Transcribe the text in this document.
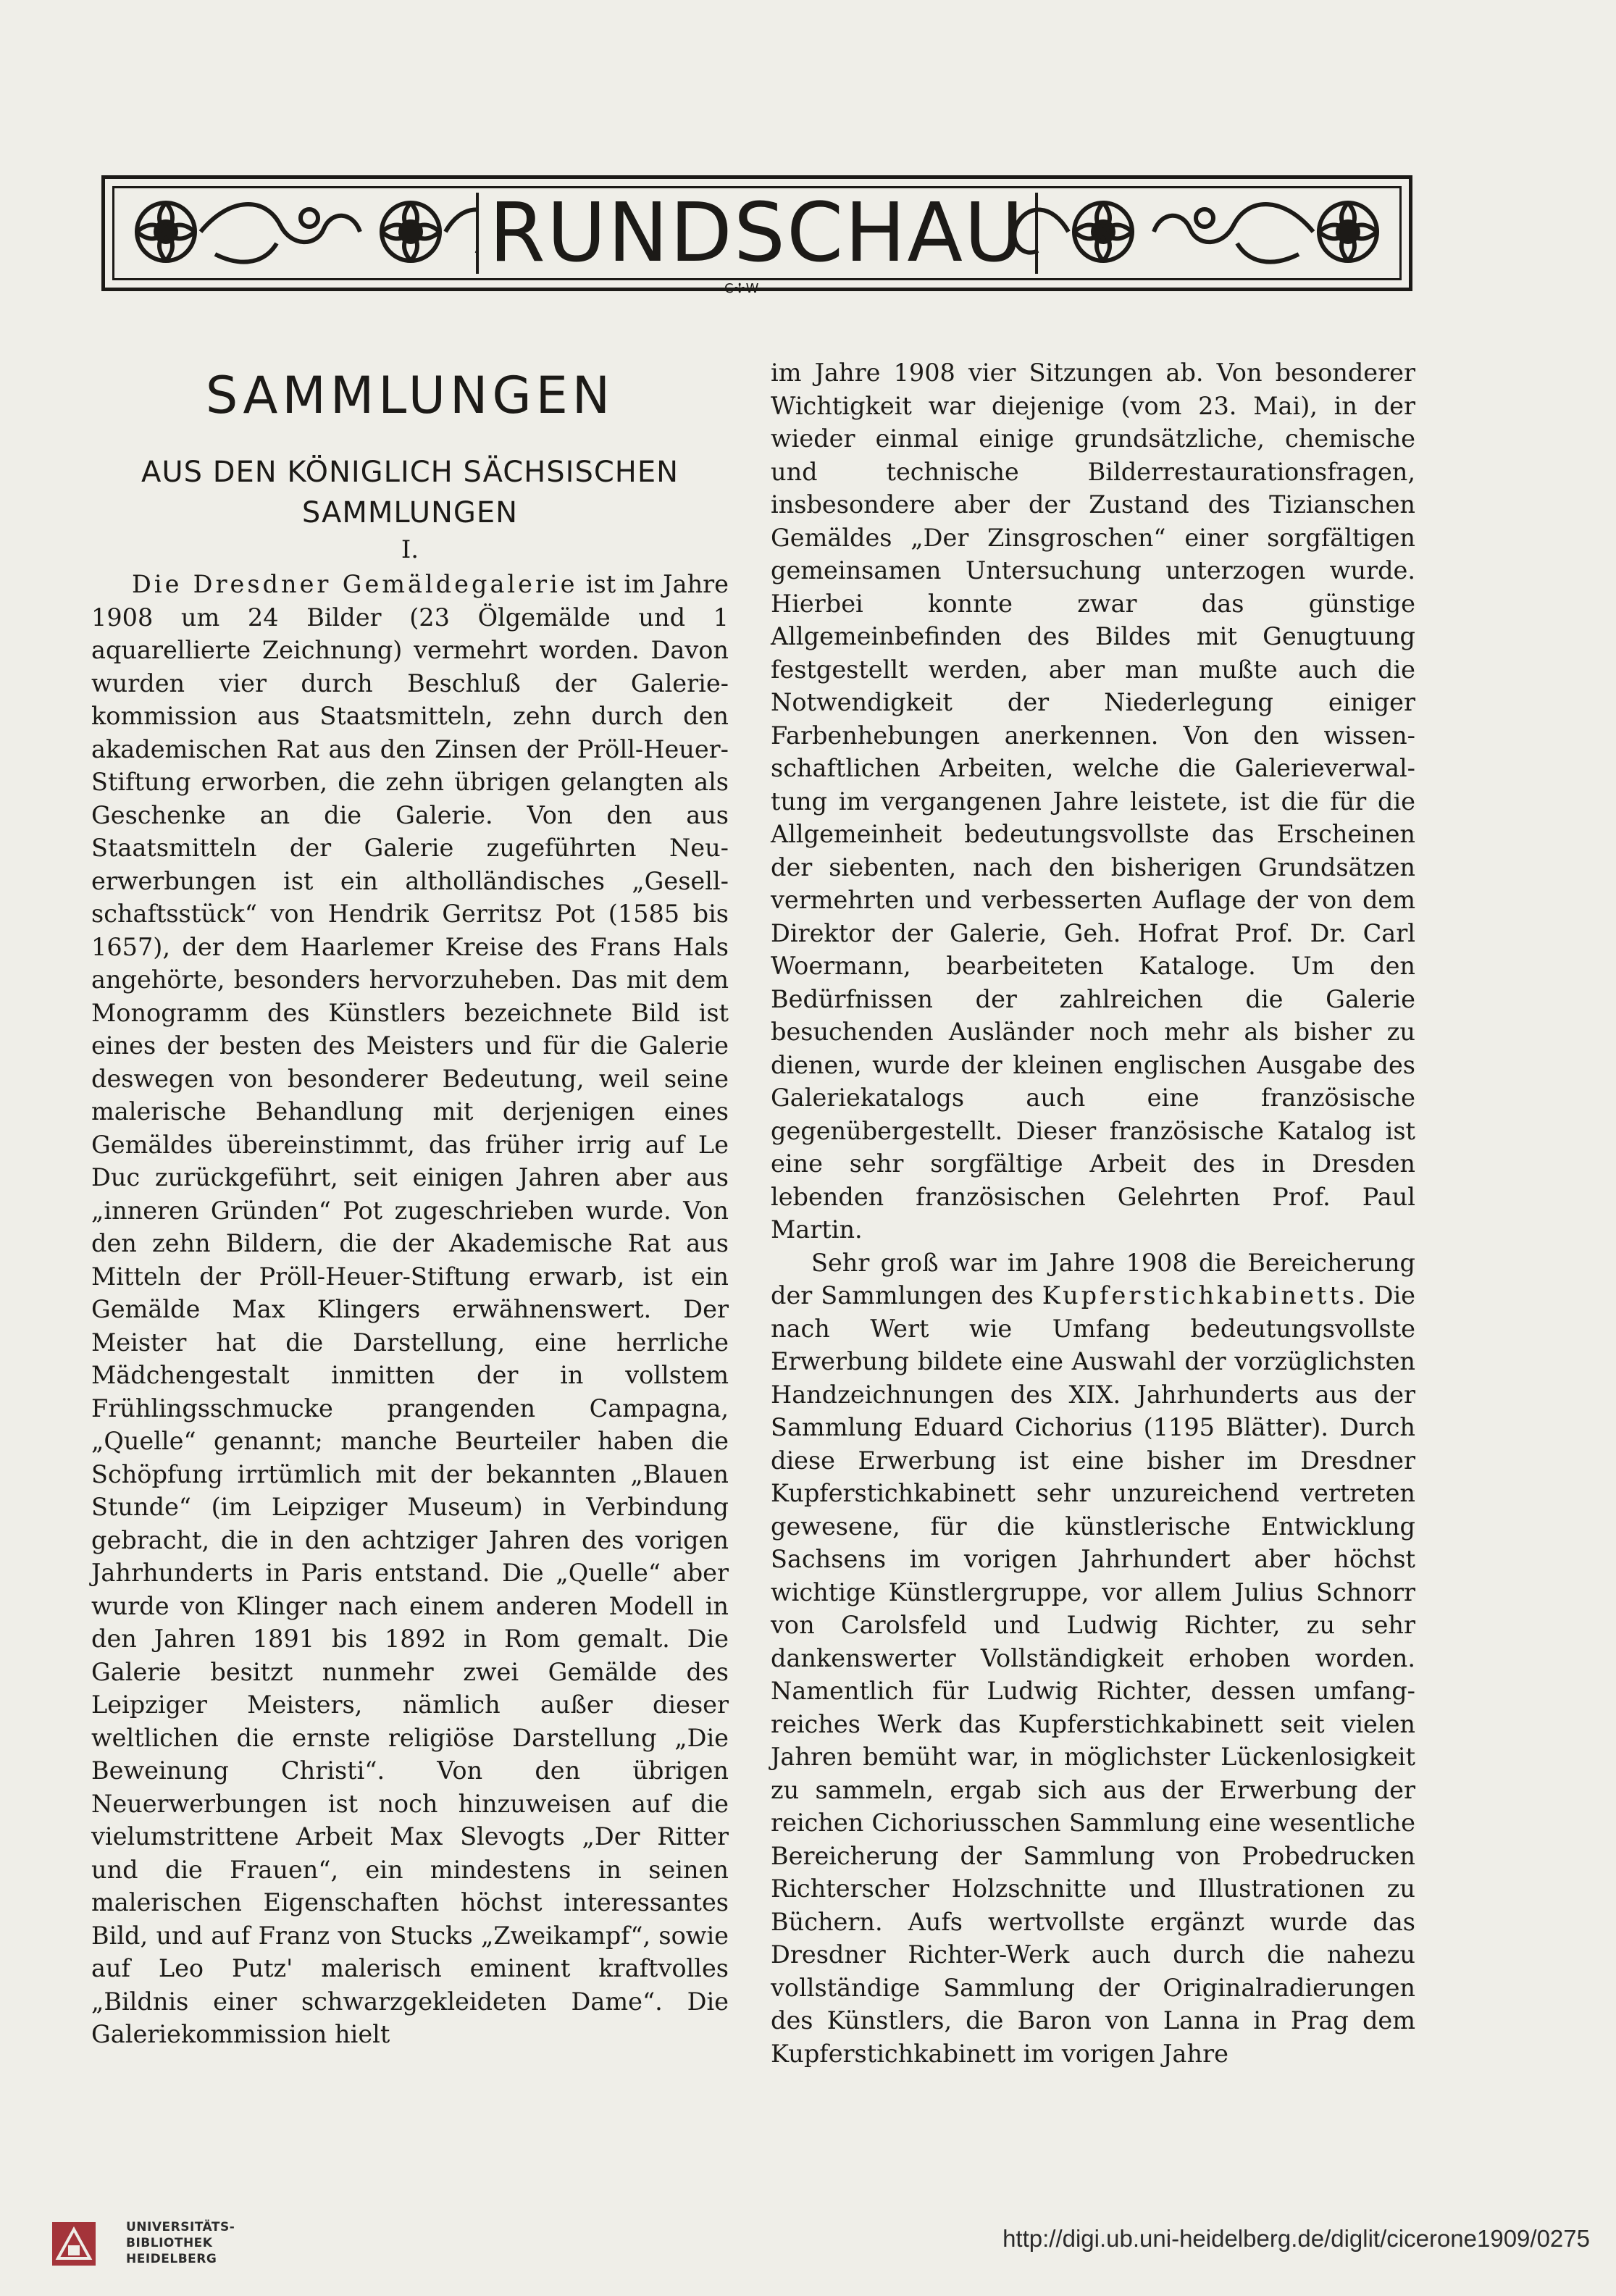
RUNDSCHAU
C✢W
SAMMLUNGEN
AUS DEN KÖNIGLICH SÄCHSISCHEN
SAMMLUNGEN
I.

Die Dresdner Gemäldegalerie ist im Jahre 1908 um 24 Bilder (23 Ölgemälde und 1 aquarellierte Zeichnung) vermehrt worden. Davon wurden vier durch Beschluß der Galeriekommission aus Staatsmitteln, zehn durch den akademischen Rat aus den Zinsen der Pröll-Heuer-Stiftung erworben, die zehn übrigen gelangten als Geschenke an die Galerie. Von den aus Staatsmitteln der Galerie zugeführten Neuerwerbungen ist ein altholländisches „Gesellschaftsstück“ von Hendrik Gerritsz Pot (1585 bis 1657), der dem Haarlemer Kreise des Frans Hals angehörte, besonders hervorzuheben. Das mit dem Monogramm des Künstlers bezeichnete Bild ist eines der besten des Meisters und für die Galerie deswegen von besonderer Bedeutung, weil seine malerische Behandlung mit derjenigen eines Gemäldes übereinstimmt, das früher irrig auf Le Duc zurückgeführt, seit einigen Jahren aber aus „inneren Gründen“ Pot zugeschrieben wurde. Von den zehn Bildern, die der Akademische Rat aus Mitteln der Pröll-Heuer-Stiftung erwarb, ist ein Gemälde Max Klingers erwähnenswert. Der Meister hat die Darstellung, eine herrliche Mädchengestalt inmitten der in vollstem Frühlingsschmucke prangenden Campagna, „Quelle“ genannt; manche Beurteiler haben die Schöpfung irrtümlich mit der bekannten „Blauen Stunde“ (im Leipziger Museum) in Verbindung gebracht, die in den achtziger Jahren des vorigen Jahrhunderts in Paris entstand. Die „Quelle“ aber wurde von Klinger nach einem anderen Modell in den Jahren 1891 bis 1892 in Rom gemalt. Die Galerie besitzt nunmehr zwei Gemälde des Leipziger Meisters, nämlich außer dieser weltlichen die ernste religiöse Darstellung „Die Beweinung Christi“. Von den übrigen Neuerwerbungen ist noch hinzuweisen auf die vielumstrittene Arbeit Max Slevogts „Der Ritter und die Frauen“, ein mindestens in seinen malerischen Eigenschaften höchst interessantes Bild, und auf Franz von Stucks „Zweikampf“, sowie auf Leo Putz' malerisch eminent kraftvolles „Bildnis einer schwarzgekleideten Dame“. Die Galeriekommission hielt

im Jahre 1908 vier Sitzungen ab. Von besonderer Wichtigkeit war diejenige (vom 23. Mai), in der wieder einmal einige grundsätzliche, chemische und technische Bilderrestaurationsfragen, insbesondere aber der Zustand des Tizianschen Gemäldes „Der Zinsgroschen“ einer sorgfältigen gemeinsamen Untersuchung unterzogen wurde. Hierbei konnte zwar das günstige Allgemeinbefinden des Bildes mit Genugtuung festgestellt werden, aber man mußte auch die Notwendigkeit der Niederlegung einiger Farbenhebungen anerkennen. Von den wissenschaftlichen Arbeiten, welche die Galerieverwaltung im vergangenen Jahre leistete, ist die für die Allgemeinheit bedeutungsvollste das Erscheinen der siebenten, nach den bisherigen Grundsätzen vermehrten und verbesserten Auflage der von dem Direktor der Galerie, Geh. Hofrat Prof. Dr. Carl Woermann, bearbeiteten Kataloge. Um den Bedürfnissen der zahlreichen die Galerie besuchenden Ausländer noch mehr als bisher zu dienen, wurde der kleinen englischen Ausgabe des Galeriekatalogs auch eine französische gegenübergestellt. Dieser französische Katalog ist eine sehr sorgfältige Arbeit des in Dresden lebenden französischen Gelehrten Prof. Paul Martin.

Sehr groß war im Jahre 1908 die Bereicherung der Sammlungen des Kupferstichkabinetts. Die nach Wert wie Umfang bedeutungsvollste Erwerbung bildete eine Auswahl der vorzüglichsten Handzeichnungen des XIX. Jahrhunderts aus der Sammlung Eduard Cichorius (1195 Blätter). Durch diese Erwerbung ist eine bisher im Dresdner Kupferstichkabinett sehr unzureichend vertreten gewesene, für die künstlerische Entwicklung Sachsens im vorigen Jahrhundert aber höchst wichtige Künstlergruppe, vor allem Julius Schnorr von Carolsfeld und Ludwig Richter, zu sehr dankenswerter Vollständigkeit erhoben worden. Namentlich für Ludwig Richter, dessen umfangreiches Werk das Kupferstichkabinett seit vielen Jahren bemüht war, in möglichster Lückenlosigkeit zu sammeln, ergab sich aus der Erwerbung der reichen Cichoriusschen Sammlung eine wesentliche Bereicherung der Sammlung von Probedrucken Richterscher Holzschnitte und Illustrationen zu Büchern. Aufs wertvollste ergänzt wurde das Dresdner Richter-Werk auch durch die nahezu vollständige Sammlung der Originalradierungen des Künstlers, die Baron von Lanna in Prag dem Kupferstichkabinett im vorigen Jahre

UNIVERSITÄTS-
BIBLIOTHEK
HEIDELBERG
http://digi.ub.uni-heidelberg.de/diglit/cicerone1909/0275
